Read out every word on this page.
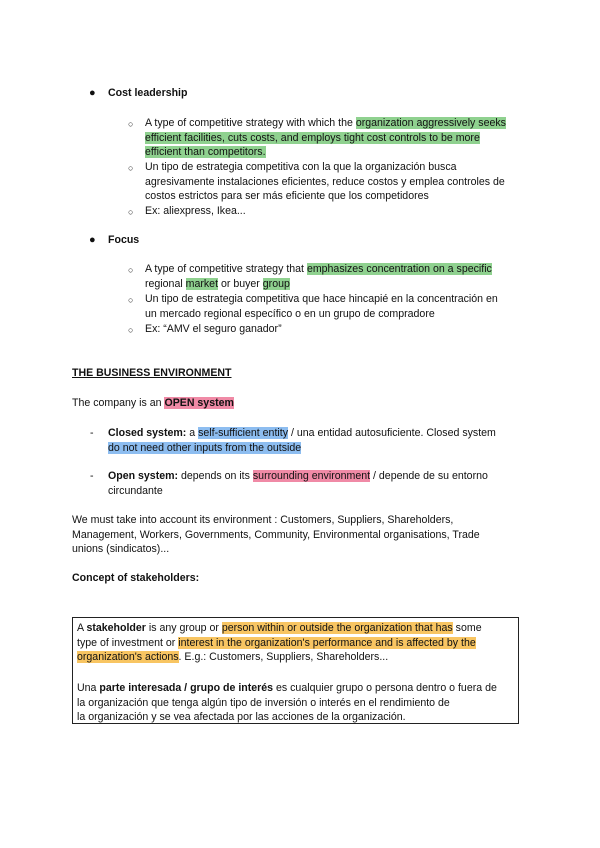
● Cost leadership
○ A type of competitive strategy with which the organization aggressively seeks
efficient facilities, cuts costs, and employs tight cost controls to be more
efficient than competitors.
○ Un tipo de estrategia competitiva con la que la organización busca
agresivamente instalaciones eficientes, reduce costos y emplea controles de
costos estrictos para ser más eficiente que los competidores
○ Ex: aliexpress, Ikea...
● Focus
○ A type of competitive strategy that emphasizes concentration on a specific
regional market or buyer group
○ Un tipo de estrategia competitiva que hace hincapié en la concentración en
un mercado regional específico o en un grupo de compradore
○ Ex: “AMV el seguro ganador”
THE BUSINESS ENVIRONMENT
The company is an OPEN system
- Closed system: a self-sufficient entity / una entidad autosuficiente. Closed system
do not need other inputs from the outside
- Open system: depends on its surrounding environment / depende de su entorno
circundante
We must take into account its environment : Customers, Suppliers, Shareholders,
Management, Workers, Governments, Community, Environmental organisations, Trade
unions (sindicatos)...
Concept of stakeholders:
A stakeholder is any group or person within or outside the organization that has some
type of investment or interest in the organization's performance and is affected by the
organization's actions. E.g.: Customers, Suppliers, Shareholders...
Una parte interesada / grupo de interés es cualquier grupo o persona dentro o fuera de
la organización que tenga algún tipo de inversión o interés en el rendimiento de
la organización y se vea afectada por las acciones de la organización.
